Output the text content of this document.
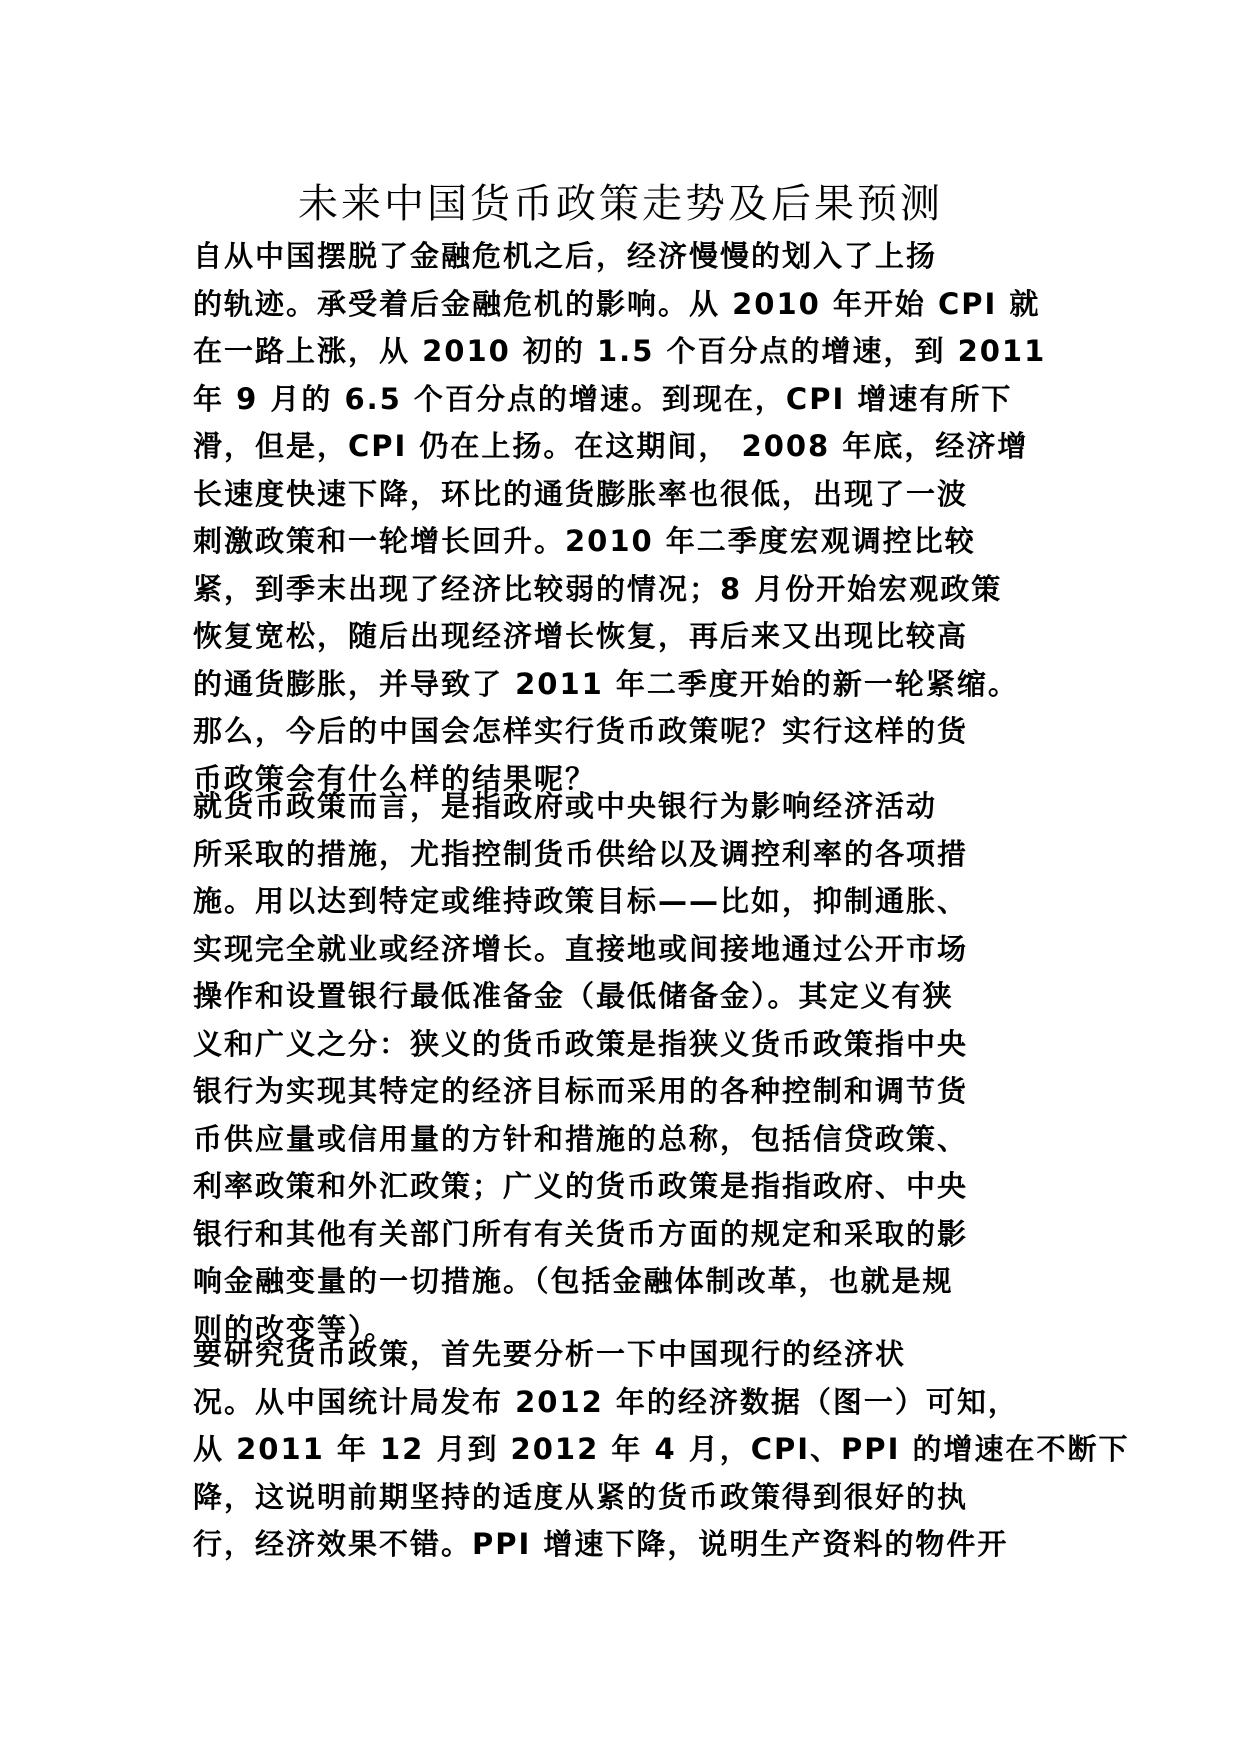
未来中国货币政策走势及后果预测
自从中国摆脱了金融危机之后，经济慢慢的划入了上扬
的轨迹。承受着后金融危机的影响。从 2010 年开始 CPI 就
在一路上涨，从 2010 初的 1.5 个百分点的增速，到 2011
年 9 月的 6.5 个百分点的增速。到现在，CPI 增速有所下
滑，但是，CPI 仍在上扬。在这期间， 2008 年底，经济增
长速度快速下降，环比的通货膨胀率也很低，出现了一波
刺激政策和一轮增长回升。2010 年二季度宏观调控比较
紧，到季末出现了经济比较弱的情况；8 月份开始宏观政策
恢复宽松，随后出现经济增长恢复，再后来又出现比较高
的通货膨胀，并导致了 2011 年二季度开始的新一轮紧缩。
那么，今后的中国会怎样实行货币政策呢？实行这样的货
币政策会有什么样的结果呢？
就货币政策而言，是指政府或中央银行为影响经济活动
所采取的措施，尤指控制货币供给以及调控利率的各项措
施。用以达到特定或维持政策目标——比如，抑制通胀、
实现完全就业或经济增长。直接地或间接地通过公开市场
操作和设置银行最低准备金（最低储备金）。其定义有狭
义和广义之分：狭义的货币政策是指狭义货币政策指中央
银行为实现其特定的经济目标而采用的各种控制和调节货
币供应量或信用量的方针和措施的总称，包括信贷政策、
利率政策和外汇政策；广义的货币政策是指指政府、中央
银行和其他有关部门所有有关货币方面的规定和采取的影
响金融变量的一切措施。（包括金融体制改革，也就是规
则的改变等）。
要研究货币政策，首先要分析一下中国现行的经济状
况。从中国统计局发布 2012 年的经济数据（图一）可知，
从 2011 年 12 月到 2012 年 4 月，CPI、PPI 的增速在不断下
降，这说明前期坚持的适度从紧的货币政策得到很好的执
行，经济效果不错。PPI 增速下降，说明生产资料的物件开
